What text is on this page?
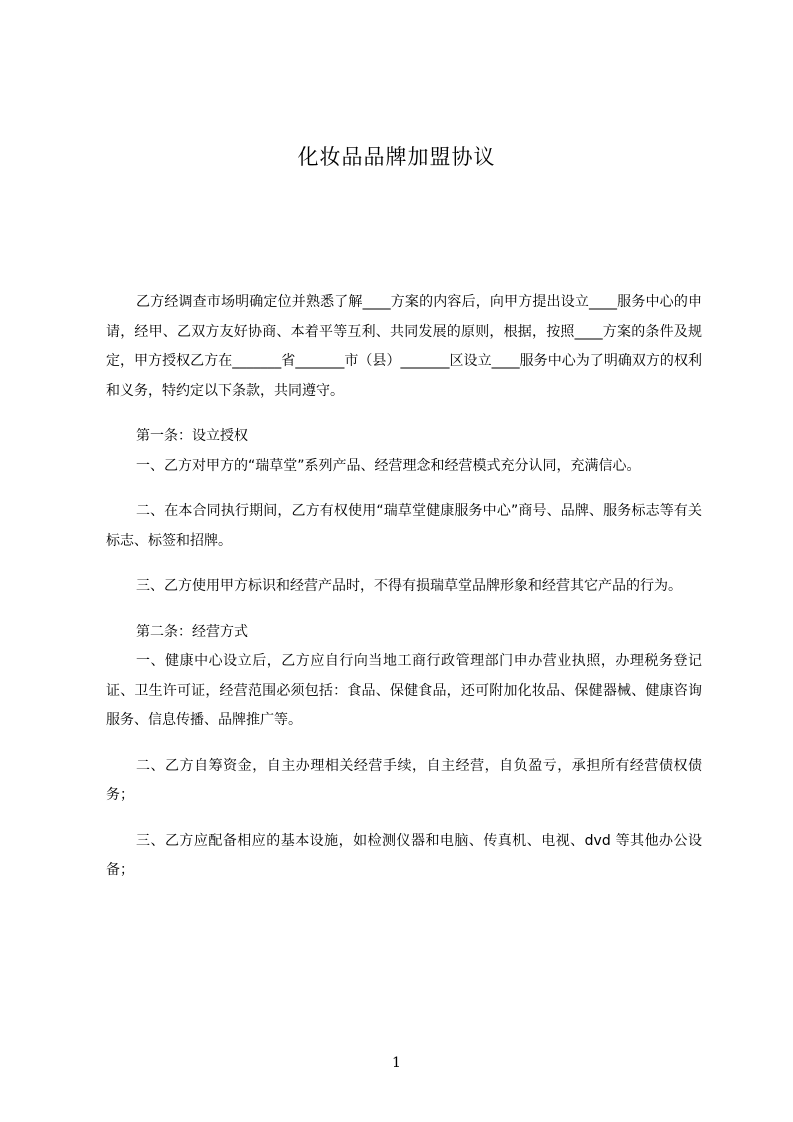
化妆品品牌加盟协议

乙方经调查市场明确定位并熟悉了解____方案的内容后，向甲方提出设立____服务中心的申请，经甲、乙双方友好协商、本着平等互利、共同发展的原则，根据，按照____方案的条件及规定，甲方授权乙方在_______省_______市（县）_______区设立____服务中心为了明确双方的权利和义务，特约定以下条款，共同遵守。

第一条：设立授权

一、乙方对甲方的“瑞草堂”系列产品、经营理念和经营模式充分认同，充满信心。

二、在本合同执行期间，乙方有权使用“瑞草堂健康服务中心”商号、品牌、服务标志等有关标志、标签和招牌。

三、乙方使用甲方标识和经营产品时，不得有损瑞草堂品牌形象和经营其它产品的行为。

第二条：经营方式

一、健康中心设立后，乙方应自行向当地工商行政管理部门申办营业执照，办理税务登记证、卫生许可证，经营范围必须包括：食品、保健食品，还可附加化妆品、保健器械、健康咨询服务、信息传播、品牌推广等。

二、乙方自筹资金，自主办理相关经营手续，自主经营，自负盈亏，承担所有经营债权债务；

三、乙方应配备相应的基本设施，如检测仪器和电脑、传真机、电视、dvd 等其他办公设备；

1
